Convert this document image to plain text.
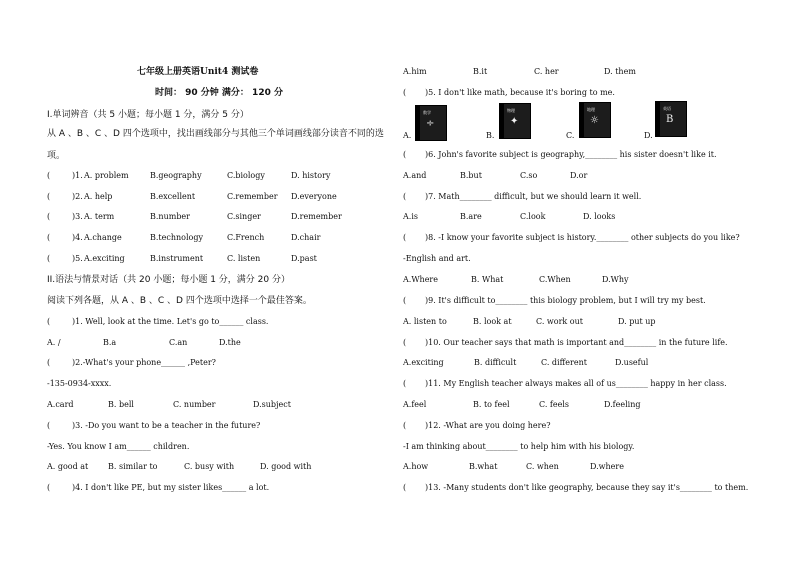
七年级上册英语Unit4 测试卷
时间： 90 分钟 满分： 120 分
I.单词辨音（共 5 小题；每小题 1 分，满分 5 分）
从 A 、B 、C 、D 四个选项中，找出画线部分与其他三个单词画线部分读音不同的选
项。
(	)1. A. problem	B.geography	C.biology	D. history
(	)2. A. help	B.excellent	C.remember D.everyone
(	)3. A. term	B.number	C.singer	D.remember
(	)4. A.change	B.technology	C.French	D.chair
(	)5. A.exciting	B.instrument	C. listen	D.past
II.语法与情景对话（共 20 小题；每小题 1 分，满分 20 分）
阅读下列各题，从 A 、B 、C 、D 四个选项中选择一个最佳答案。
(	)1. Well, look at the time. Let's go to______ class.
A. /	B.a	C.an	D.the
(	)2.-What's your phone______ ,Peter?
-135-0934-xxxx.
A.card	B. bell	C. number	D.subject
(	)3. -Do you want to be a teacher in the future?
-Yes. You know I am______ children.
A. good at B. similar to	C. busy with	D. good with
(	)4. I don't like PE, but my sister likes______ a lot.
A.him	B.it	C. her	D. them
( )5. I don't like math, because it's boring to me.
A.
数学
÷
B.
物理
✦
C.
地理
☼
D.
英语
B
( )6. John's favorite subject is geography,________ his sister doesn't like it.
A.and	B.but	C.so	D.or
( )7. Math________ difficult, but we should learn it well.
A.is	B.are	C.look	D. looks
( )8. -I know your favorite subject is history.________ other subjects do you like?
-English and art.
A.Where	B. What	C.When	D.Why
( )9. It's difficult to________ this biology problem, but I will try my best.
A. listen to	B. look at	C. work out	D. put up
( )10. Our teacher says that math is important and________ in the future life.
A.exciting	B. difficult	C. different	D.useful
( )11. My English teacher always makes all of us________ happy in her class.
A.feel	B. to feel	C. feels	D.feeling
( )12. -What are you doing here?
-I am thinking about________ to help him with his biology.
A.how	B.what	C. when	D.where
( )13. -Many students don't like geography, because they say it's________ to them.
